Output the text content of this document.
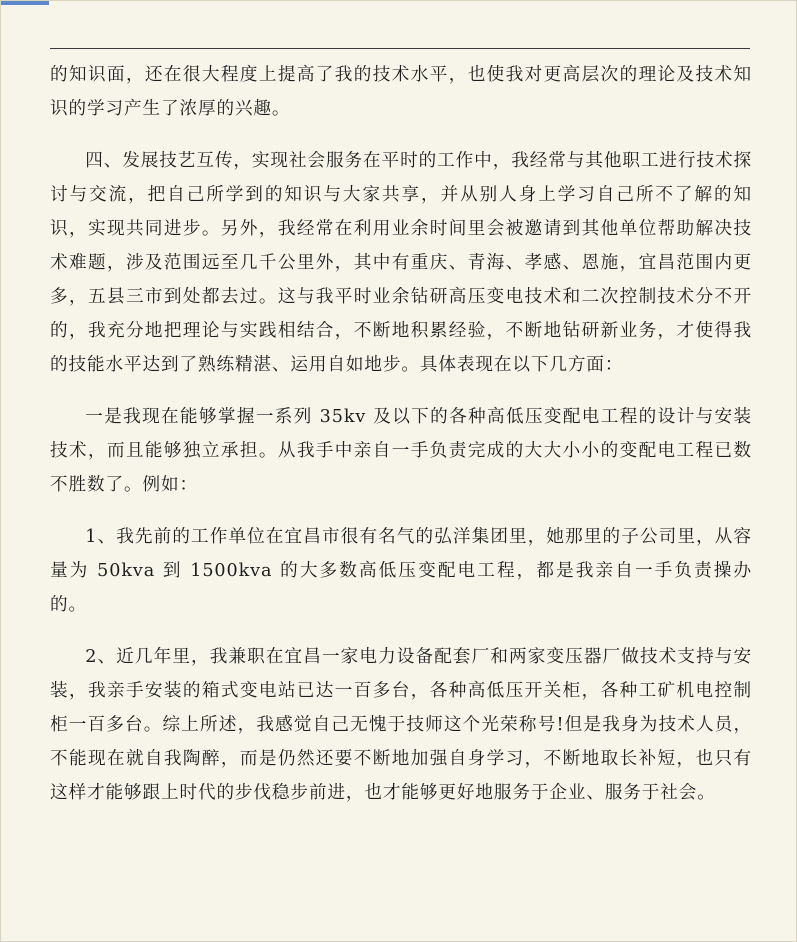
的知识面，还在很大程度上提高了我的技术水平，也使我对更高层次的理论及技术知识的学习产生了浓厚的兴趣。

四、发展技艺互传，实现社会服务在平时的工作中，我经常与其他职工进行技术探讨与交流，把自己所学到的知识与大家共享，并从别人身上学习自己所不了解的知识，实现共同进步。另外，我经常在利用业余时间里会被邀请到其他单位帮助解决技术难题，涉及范围远至几千公里外，其中有重庆、青海、孝感、恩施，宜昌范围内更多，五县三市到处都去过。这与我平时业余钻研高压变电技术和二次控制技术分不开的，我充分地把理论与实践相结合，不断地积累经验，不断地钻研新业务，才使得我的技能水平达到了熟练精湛、运用自如地步。具体表现在以下几方面：

一是我现在能够掌握一系列 35kv 及以下的各种高低压变配电工程的设计与安装技术，而且能够独立承担。从我手中亲自一手负责完成的大大小小的变配电工程已数不胜数了。例如：

1、我先前的工作单位在宜昌市很有名气的弘洋集团里，她那里的子公司里，从容量为 50kva 到 1500kva 的大多数高低压变配电工程，都是我亲自一手负责操办的。

2、近几年里，我兼职在宜昌一家电力设备配套厂和两家变压器厂做技术支持与安装，我亲手安装的箱式变电站已达一百多台，各种高低压开关柜，各种工矿机电控制柜一百多台。综上所述，我感觉自己无愧于技师这个光荣称号!但是我身为技术人员，不能现在就自我陶醉，而是仍然还要不断地加强自身学习，不断地取长补短，也只有这样才能够跟上时代的步伐稳步前进，也才能够更好地服务于企业、服务于社会。
